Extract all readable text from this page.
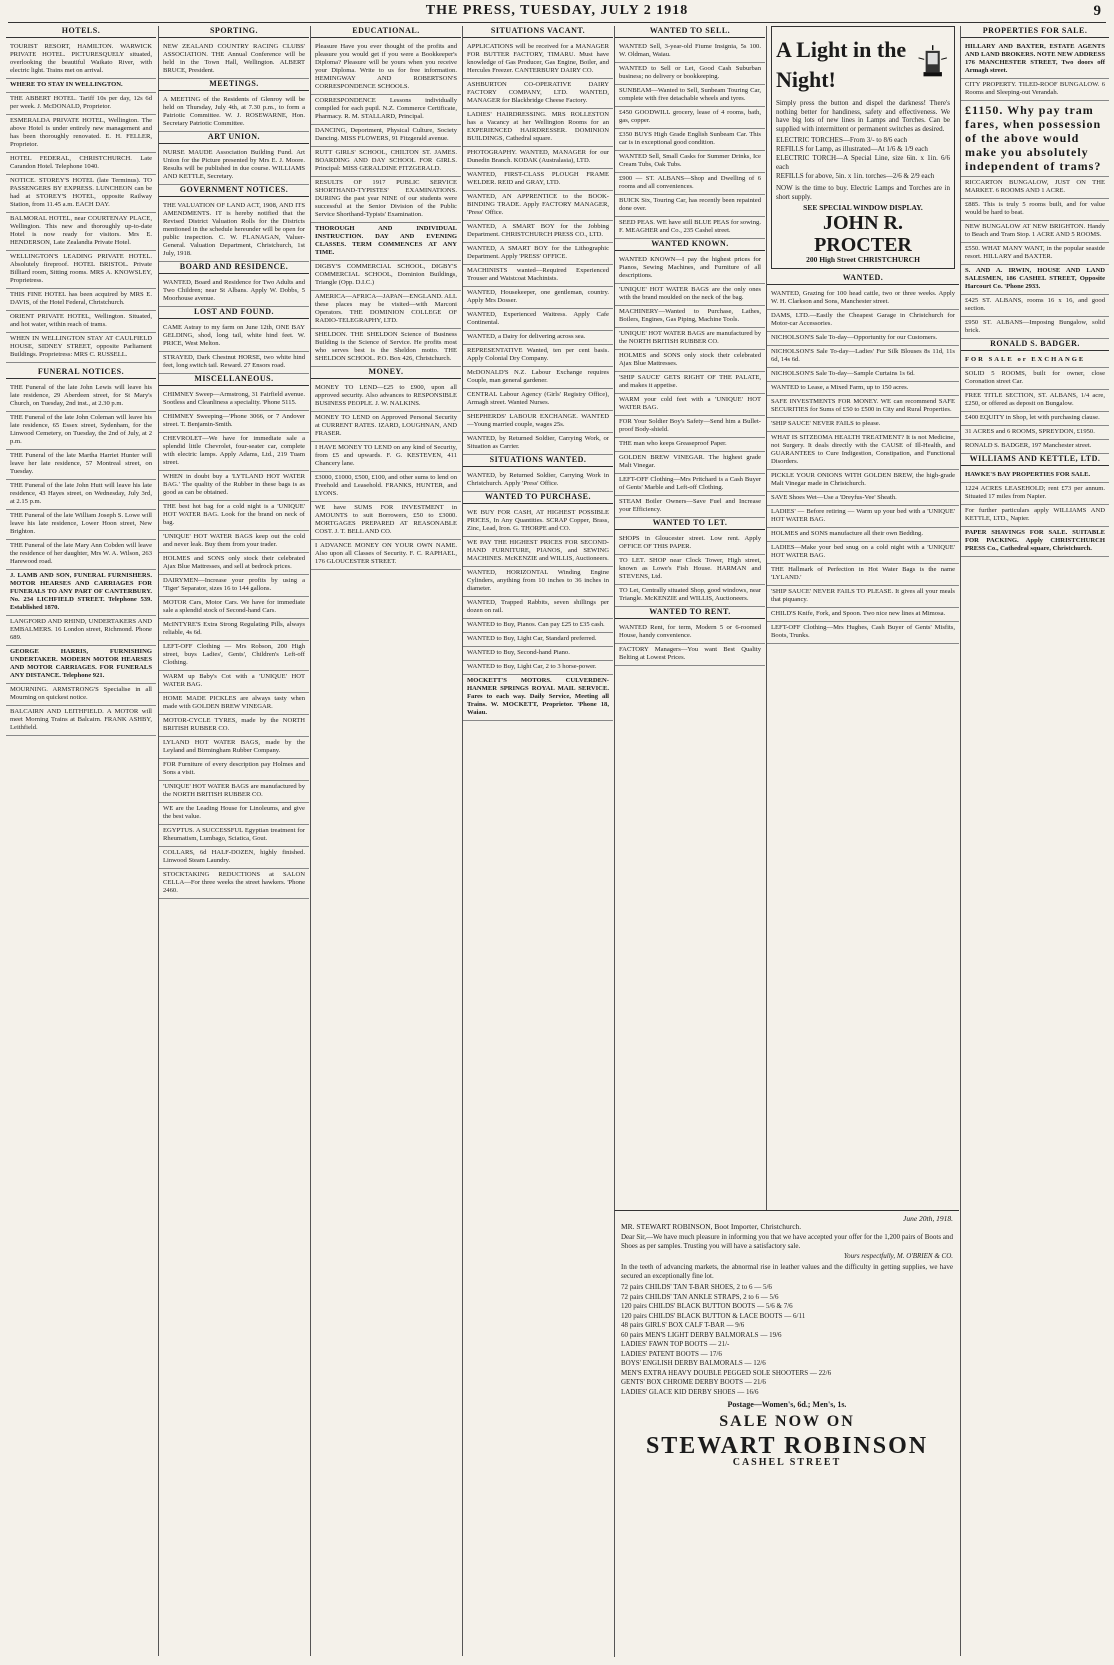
THE PRESS, TUESDAY, JULY 2 1918	9
HOTELS.

TOURIST RESORT, HAMILTON. WARWICK PRIVATE HOTEL. PICTURESQUELY situated, overlooking the beautiful Waikato River, with electric light. Trains met on arrival.

WHERE TO STAY IN WELLINGTON.

THE ABBERT HOTEL. Tariff 10s per day, 12s 6d per week. J. McDONALD, Proprietor.

ESMERALDA PRIVATE HOTEL, Wellington. The above Hotel is under entirely new management and has been thoroughly renovated. E. H. FELLER, Proprietor.

HOTEL FEDERAL, CHRISTCHURCH. Late Carandon Hotel. Telephone 1040.

NOTICE. STOREY'S HOTEL (late Terminus). TO PASSENGERS BY EXPRESS. LUNCHEON can be had at STOREY'S HOTEL, opposite Railway Station, from 11.45 a.m. EACH DAY.

BALMORAL HOTEL, near COURTENAY PLACE, Wellington. This new and thoroughly up-to-date Hotel is now ready for visitors. Mrs E. HENDERSON, Late Zealandia Private Hotel.

WELLINGTON'S LEADING PRIVATE HOTEL. Absolutely fireproof. HOTEL BRISTOL. Private Billiard room, Sitting rooms. MRS A. KNOWSLEY, Proprietress.

THIS FINE HOTEL has been acquired by MRS E. DAVIS, of the Hotel Federal, Christchurch.

ORIENT PRIVATE HOTEL, Wellington. Situated, and hot water, within reach of trams.

WHEN IN WELLINGTON STAY AT CAULFIELD HOUSE, SIDNEY STREET, opposite Parliament Buildings. Proprietress: MRS C. RUSSELL.

FUNERAL NOTICES.

THE Funeral of the late John Lewis will leave his late residence, 29 Aberdeen street, for St Mary's Church, on Tuesday, 2nd inst., at 2.30 p.m.

THE Funeral of the late John Coleman will leave his late residence, 65 Essex street, Sydenham, for the Linwood Cemetery, on Tuesday, the 2nd of July, at 2 p.m.

THE Funeral of the late Martha Harriet Hunter will leave her late residence, 57 Montreal street, on Tuesday.

THE Funeral of the late John Hutt will leave his late residence, 43 Hayes street, on Wednesday, July 3rd, at 2.15 p.m.

THE Funeral of the late William Joseph S. Lowe will leave his late residence, Lower Hoon street, New Brighton.

THE Funeral of the late Mary Ann Cobden will leave the residence of her daughter, Mrs W. A. Wilson, 263 Harewood road.

J. LAMB AND SON, FUNERAL FURNISHERS. MOTOR HEARSES AND CARRIAGES FOR FUNERALS TO ANY PART OF CANTERBURY. No. 234 LICHFIELD STREET. Telephone 539. Established 1870.

LANGFORD AND RHIND, UNDERTAKERS AND EMBALMERS. 16 London street, Richmond. Phone 689.

GEORGE HARRIS, FURNISHING UNDERTAKER. MODERN MOTOR HEARSES AND MOTOR CARRIAGES. FOR FUNERALS ANY DISTANCE. Telephone 921.

MOURNING. ARMSTRONG'S Specialise in all Mourning on quickest notice.

BALCAIRN AND LEITHFIELD. A MOTOR will meet Morning Trains at Balcairn. FRANK ASHBY, Leithfield.

SPORTING.

NEW ZEALAND COUNTRY RACING CLUBS' ASSOCIATION. THE Annual Conference will be held in the Town Hall, Wellington. ALBERT BRUCE, President.

MEETINGS.

A MEETING of the Residents of Glenroy will be held on Thursday, July 4th, at 7.30 p.m., to form a Patriotic Committee. W. J. ROSEWARNE, Hon. Secretary Patriotic Committee.

ART UNION.

NURSE MAUDE Association Building Fund. Art Union for the Picture presented by Mrs E. J. Moore. Results will be published in due course. WILLIAMS AND KETTLE, Secretary.

GOVERNMENT NOTICES.

THE VALUATION OF LAND ACT, 1908, AND ITS AMENDMENTS. IT is hereby notified that the Revised District Valuation Rolls for the Districts mentioned in the schedule hereunder will be open for public inspection. C. W. FLANAGAN, Valuer-General. Valuation Department, Christchurch, 1st July, 1918.

BOARD AND RESIDENCE.

WANTED, Board and Residence for Two Adults and Two Children; near St Albans. Apply W. Dobbs, 5 Moorhouse avenue.

LOST AND FOUND.

CAME Astray to my farm on June 12th, ONE BAY GELDING, shod, long tail, white hind feet. W. PRICE, West Melton.

STRAYED, Dark Chestnut HORSE, two white hind feet, long switch tail. Reward. 27 Ensors road.

MISCELLANEOUS.

CHIMNEY Sweep—Armstrong, 31 Fairfield avenue. Sootless and Cleanliness a speciality. 'Phone 5115.

CHIMNEY Sweeping—'Phone 3066, or 7 Andover street. T. Benjamin-Smith.

CHEVROLET—We have for immediate sale a splendid little Chevrolet, four-seater car, complete with electric lamps. Apply Adams, Ltd., 219 Tuam street.

WHEN in doubt buy a 'LYTLAND HOT WATER BAG.' The quality of the Rubber in these bags is as good as can be obtained.

THE best hot bag for a cold night is a 'UNIQUE' HOT WATER BAG. Look for the brand on neck of bag.

'UNIQUE' HOT WATER BAGS keep out the cold and never leak. Buy them from your trader.

HOLMES and SONS only stock their celebrated Ajax Blue Mattresses, and sell at bedrock prices.

DAIRYMEN—Increase your profits by using a 'Tiger' Separator, sizes 16 to 144 gallons.

MOTOR Cars, Motor Cars. We have for immediate sale a splendid stock of Second-hand Cars.

McINTYRE'S Extra Strong Regulating Pills, always reliable, 4s 6d.

LEFT-OFF Clothing — Mrs Robson, 200 High street, buys Ladies', Gents', Children's Left-off Clothing.

WARM up Baby's Cot with a 'UNIQUE' HOT WATER BAG.

HOME MADE PICKLES are always tasty when made with GOLDEN BREW VINEGAR.

MOTOR-CYCLE TYRES, made by the NORTH BRITISH RUBBER CO.

LYLAND HOT WATER BAGS, made by the Leyland and Birmingham Rubber Company.

FOR Furniture of every description pay Holmes and Sons a visit.

'UNIQUE' HOT WATER BAGS are manufactured by the NORTH BRITISH RUBBER CO.

WE are the Leading House for Linoleums, and give the best value.

EGYPTUS. A SUCCESSFUL Egyptian treatment for Rheumatism, Lumbago, Sciatica, Gout.

COLLARS, 6d HALF-DOZEN, highly finished. Linwood Steam Laundry.

STOCKTAKING REDUCTIONS at SALON CELLA—For three weeks the street hawkers. 'Phone 2460.

EDUCATIONAL.

Pleasure Have you ever thought of the profits and pleasure you would get if you were a Bookkeeper's Diploma? Pleasure will be yours when you receive your Diploma. Write to us for free information. HEMINGWAY AND ROBERTSON'S CORRESPONDENCE SCHOOLS.

CORRESPONDENCE Lessons individually compiled for each pupil. N.Z. Commerce Certificate, Pharmacy. R. M. STALLARD, Principal.

DANCING, Deportment, Physical Culture, Society Dancing. MISS FLOWERS, 91 Fitzgerald avenue.

RUTT GIRLS' SCHOOL, CHILTON ST. JAMES. BOARDING AND DAY SCHOOL FOR GIRLS. Principal: MISS GERALDINE FITZGERALD.

RESULTS OF 1917 PUBLIC SERVICE SHORTHAND-TYPISTES' EXAMINATIONS. DURING the past year NINE of our students were successful at the Senior Division of the Public Service Shorthand-Typists' Examination.

THOROUGH AND INDIVIDUAL INSTRUCTION. DAY AND EVENING CLASSES. TERM COMMENCES AT ANY TIME.

DIGBY'S COMMERCIAL SCHOOL, DIGBY'S COMMERCIAL SCHOOL, Dominion Buildings, Triangle (Opp. D.I.C.)

AMERICA—AFRICA—JAPAN—ENGLAND. ALL these places may be visited—with Marconi Operators. THE DOMINION COLLEGE OF RADIO-TELEGRAPHY, LTD.

SHELDON. THE SHELDON Science of Business Building is the Science of Service. He profits most who serves best is the Sheldon motto. THE SHELDON SCHOOL. P.O. Box 426, Christchurch.

MONEY.

MONEY TO LEND—£25 to £900, upon all approved security. Also advances to RESPONSIBLE BUSINESS PEOPLE. J. W. NALKINS.

MONEY TO LEND on Approved Personal Security at CURRENT RATES. IZARD, LOUGHNAN, AND FRASER.

I HAVE MONEY TO LEND on any kind of Security, from £5 and upwards. F. G. KESTEVEN, 411 Chancery lane.

£3000, £1000, £500, £100, and other sums to lend on Freehold and Leasehold. FRANKS, HUNTER, and LYONS.

WE have SUMS FOR INVESTMENT in AMOUNTS to suit Borrowers, £50 to £3000. MORTGAGES PREPARED AT REASONABLE COST. J. T. BELL AND CO.

I ADVANCE MONEY ON YOUR OWN NAME. Also upon all Classes of Security. F. C. RAPHAEL, 176 GLOUCESTER STREET.

SITUATIONS VACANT.

APPLICATIONS will be received for a MANAGER FOR BUTTER FACTORY, TIMARU. Must have knowledge of Gas Producer, Gas Engine, Boiler, and Hercules Freezer. CANTERBURY DAIRY CO.

ASHBURTON CO-OPERATIVE DAIRY FACTORY COMPANY, LTD. WANTED, MANAGER for Blackbridge Cheese Factory.

LADIES' HAIRDRESSING. MRS ROLLESTON has a Vacancy at her Wellington Rooms for an EXPERIENCED HAIRDRESSER. DOMINION BUILDINGS, Cathedral square.

PHOTOGRAPHY. WANTED, MANAGER for our Dunedin Branch. KODAK (Australasia), LTD.

WANTED, FIRST-CLASS PLOUGH FRAME WELDER. REID and GRAY, LTD.

WANTED, AN APPRENTICE to the BOOK-BINDING TRADE. Apply FACTORY MANAGER, 'Press' Office.

WANTED, A SMART BOY for the Jobbing Department. CHRISTCHURCH PRESS CO., LTD.

WANTED, A SMART BOY for the Lithographic Department. Apply 'PRESS' OFFICE.

MACHINISTS wanted—Required Experienced Trouser and Waistcoat Machinists.

WANTED, Housekeeper, one gentleman, country. Apply Mrs Dosser.

WANTED, Experienced Waitress. Apply Cafe Continental.

WANTED, a Dairy for delivering across sea.

REPRESENTATIVE Wanted, ten per cent basis. Apply Colonial Dry Company.

McDONALD'S N.Z. Labour Exchange requires Couple, man general gardener.

CENTRAL Labour Agency (Girls' Registry Office), Armagh street. Wanted Nurses.

SHEPHERDS' LABOUR EXCHANGE. WANTED—Young married couple, wages 25s.

WANTED, by Returned Soldier, Carrying Work, or Situation as Carrier.

SITUATIONS WANTED.

WANTED, by Returned Soldier, Carrying Work in Christchurch. Apply 'Press' Office.

WANTED TO PURCHASE.

WE BUY FOR CASH, AT HIGHEST POSSIBLE PRICES, In Any Quantities. SCRAP Copper, Brass, Zinc, Lead, Iron. G. THORPE and CO.

WE PAY THE HIGHEST PRICES FOR SECOND-HAND FURNITURE, PIANOS, and SEWING MACHINES. McKENZIE and WILLIS, Auctioneers.

WANTED, HORIZONTAL Winding Engine Cylinders, anything from 10 inches to 36 inches in diameter.

WANTED, Trapped Rabbits, seven shillings per dozen on rail.

WANTED to Buy, Pianos. Can pay £25 to £35 cash.

WANTED to Buy, Light Car, Standard preferred.

WANTED to Buy, Second-hand Piano.

WANTED to Buy, Light Car, 2 to 3 horse-power.

MOCKETT'S MOTORS. CULVERDEN-HANMER SPRINGS ROYAL MAIL SERVICE. Fares to each way. Daily Service, Meeting all Trains. W. MOCKETT, Proprietor. 'Phone 18, Waiau.

WANTED TO SELL.

WANTED Sell, 3-year-old Fiume Insignia, 5s 100. W. Oldman, Waiau.

WANTED to Sell or Let, Good Cash Suburban business; no delivery or bookkeeping.

SUNBEAM—Wanted to Sell, Sunbeam Touring Car, complete with five detachable wheels and tyres.

£450 GOODWILL grocery, lease of 4 rooms, bath, gas, copper.

£350 BUYS High Grade English Sunbeam Car. This car is in exceptional good condition.

WANTED Sell, Small Casks for Summer Drinks, Ice Cream Tubs, Oak Tubs.

£900 — ST. ALBANS—Shop and Dwelling of 6 rooms and all conveniences.

BUICK Six, Touring Car, has recently been repainted done over.

SEED PEAS. WE have still BLUE PEAS for sowing. F. MEAGHER and Co., 235 Cashel street.

WANTED KNOWN.

WANTED KNOWN—I pay the highest prices for Pianos, Sewing Machines, and Furniture of all descriptions.

'UNIQUE' HOT WATER BAGS are the only ones with the brand moulded on the neck of the bag.

MACHINERY—Wanted to Purchase, Lathes, Boilers, Engines, Gas Piping, Machine Tools.

'UNIQUE' HOT WATER BAGS are manufactured by the NORTH BRITISH RUBBER CO.

HOLMES and SONS only stock their celebrated Ajax Blue Mattresses.

'SHIP SAUCE' GETS RIGHT OF THE PALATE, and makes it appetise.

WARM your cold feet with a 'UNIQUE' HOT WATER BAG.

FOR Your Soldier Boy's Safety—Send him a Bullet-proof Body-shield.

THE man who keeps Greaseproof Paper.

GOLDEN BREW VINEGAR. The highest grade Malt Vinegar.

LEFT-OFF Clothing—Mrs Pritchard is a Cash Buyer of Gents' Marble and Left-off Clothing.

STEAM Boiler Owners—Save Fuel and Increase your Efficiency.

WANTED TO LET.

SHOPS in Gloucester street. Low rent. Apply OFFICE OF THIS PAPER.

TO LET. SHOP near Clock Tower, High street, known as Lowe's Fish House. HARMAN and STEVENS, Ltd.

TO Let, Centrally situated Shop, good windows, near Triangle. McKENZIE and WILLIS, Auctioneers.

WANTED TO RENT.

WANTED Rent, for term, Modern 5 or 6-roomed House, handy convenience.

FACTORY Managers—You want Best Quality Belting at Lowest Prices.

A Light in the Night!

Simply press the button and dispel the darkness! There's nothing better for handiness, safety and effectiveness. We have big lots of new lines in Lamps and Torches. Can be supplied with intermittent or permanent switches as desired.

ELECTRIC TORCHES—From 3/- to 8/6 each

REFILLS for Lamp, as illustrated—At 1/6 & 1/9 each

ELECTRIC TORCH—A Special Line, size 6in. x 1in. 6/6 each

REFILLS for above, 5in. x 1in. torches—2/6 & 2/9 each

NOW is the time to buy. Electric Lamps and Torches are in short supply.

SEE SPECIAL WINDOW DISPLAY.

JOHN R. PROCTER
200 High Street CHRISTCHURCH
WANTED.

WANTED, Grazing for 100 head cattle, two or three weeks. Apply W. H. Clarkson and Sons, Manchester street.

DAMS, LTD.—Easily the Cheapest Garage in Christchurch for Motor-car Accessories.

NICHOLSON'S Sale To-day—Opportunity for our Customers.

NICHOLSON'S Sale To-day—Ladies' Fur Silk Blouses 8s 11d, 11s 6d, 14s 6d.

NICHOLSON'S Sale To-day—Sample Curtains 1s 6d.

WANTED to Lease, a Mixed Farm, up to 150 acres.

SAFE INVESTMENTS FOR MONEY. WE can recommend SAFE SECURITIES for Sums of £50 to £500 in City and Rural Properties.

'SHIP SAUCE' NEVER FAILS to please.

WHAT IS SITZEOMA HEALTH TREATMENT? It is not Medicine, not Surgery. It deals directly with the CAUSE of Ill-Health, and GUARANTEES to Cure Indigestion, Constipation, and Functional Disorders.

PICKLE YOUR ONIONS WITH GOLDEN BREW, the high-grade Malt Vinegar made in Christchurch.

SAVE Shoes Wet—Use a 'Dreyfus-Vee' Sheath.

LADIES' — Before retiring — Warm up your bed with a 'UNIQUE' HOT WATER BAG.

HOLMES and SONS manufacture all their own Bedding.

LADIES—Make your bed snug on a cold night with a 'UNIQUE' HOT WATER BAG.

THE Hallmark of Perfection in Hot Water Bags is the name 'LYLAND.'

'SHIP SAUCE' NEVER FAILS TO PLEASE. It gives all your meals that piquancy.

CHILD'S Knife, Fork, and Spoon. Two nice new lines at Mimosa.

LEFT-OFF Clothing—Mrs Hughes, Cash Buyer of Gents' Misfits, Boots, Trunks.

June 20th, 1918.

MR. STEWART ROBINSON, Boot Importer, Christchurch.

Dear Sir,—We have much pleasure in informing you that we have accepted your offer for the 1,200 pairs of Boots and Shoes as per samples. Trusting you will have a satisfactory sale.

Yours respectfully, M. O'BRIEN & CO.

In the teeth of advancing markets, the abnormal rise in leather values and the difficulty in getting supplies, we have secured an exceptionally fine lot.

72 pairs CHILDS' TAN T-BAR SHOES, 2 to 6 — 5/6
72 pairs CHILDS' TAN ANKLE STRAPS, 2 to 6 — 5/6
120 pairs CHILDS' BLACK BUTTON BOOTS — 5/6 & 7/6
120 pairs CHILDS' BLACK BUTTON & LACE BOOTS — 6/11
48 pairs GIRLS' BOX CALF T-BAR — 9/6
60 pairs MEN'S LIGHT DERBY BALMORALS — 19/6
LADIES' FAWN TOP BOOTS — 21/-
LADIES' PATENT BOOTS — 17/6
BOYS' ENGLISH DERBY BALMORALS — 12/6
MEN'S EXTRA HEAVY DOUBLE PEGGED SOLE SHOOTERS — 22/6
GENTS' BOX CHROME DERBY BOOTS — 21/6
LADIES' GLACE KID DERBY SHOES — 16/6

Postage—Women's, 6d.; Men's, 1s.

SALE NOW ON
STEWART ROBINSON
CASHEL STREET
PROPERTIES FOR SALE.

HILLARY AND BAXTER, ESTATE AGENTS AND LAND BROKERS. NOTE NEW ADDRESS 176 MANCHESTER STREET, Two doors off Armagh street.

CITY PROPERTY. TILED-ROOF BUNGALOW. 6 Rooms and Sleeping-out Verandah.

£1150. Why pay tram fares, when possession of the above would make you absolutely independent of trams?

RICCARTON BUNGALOW, JUST ON THE MARKET. 6 ROOMS AND 1 ACRE.

£885. This is truly 5 rooms built, and for value would be hard to beat.

NEW BUNGALOW AT NEW BRIGHTON. Handy to Beach and Tram Stop. 1 ACRE AND 5 ROOMS.

£550. WHAT MANY WANT, in the popular seaside resort. HILLARY and BAXTER.

S. AND A. IRWIN, HOUSE AND LAND SALESMEN, 186 CASHEL STREET, Opposite Harcourt Co. 'Phone 2933.

£425 ST. ALBANS, rooms 16 x 16, and good section.

£950 ST. ALBANS—Imposing Bungalow, solid brick.

RONALD S. BADGER.

FOR SALE or EXCHANGE

SOLID 5 ROOMS, built for owner, close Coronation street Car.

FREE TITLE SECTION, ST. ALBANS, 1/4 acre, £250, or offered as deposit on Bungalow.

£400 EQUITY in Shop, let with purchasing clause.

31 ACRES and 6 ROOMS, SPREYDON, £1950.

RONALD S. BADGER, 197 Manchester street.

WILLIAMS AND KETTLE, LTD.

HAWKE'S BAY PROPERTIES FOR SALE.

1224 ACRES LEASEHOLD; rent £73 per annum. Situated 17 miles from Napier.

For further particulars apply WILLIAMS AND KETTLE, LTD., Napier.

PAPER SHAVINGS FOR SALE. SUITABLE FOR PACKING. Apply CHRISTCHURCH PRESS Co., Cathedral square, Christchurch.
